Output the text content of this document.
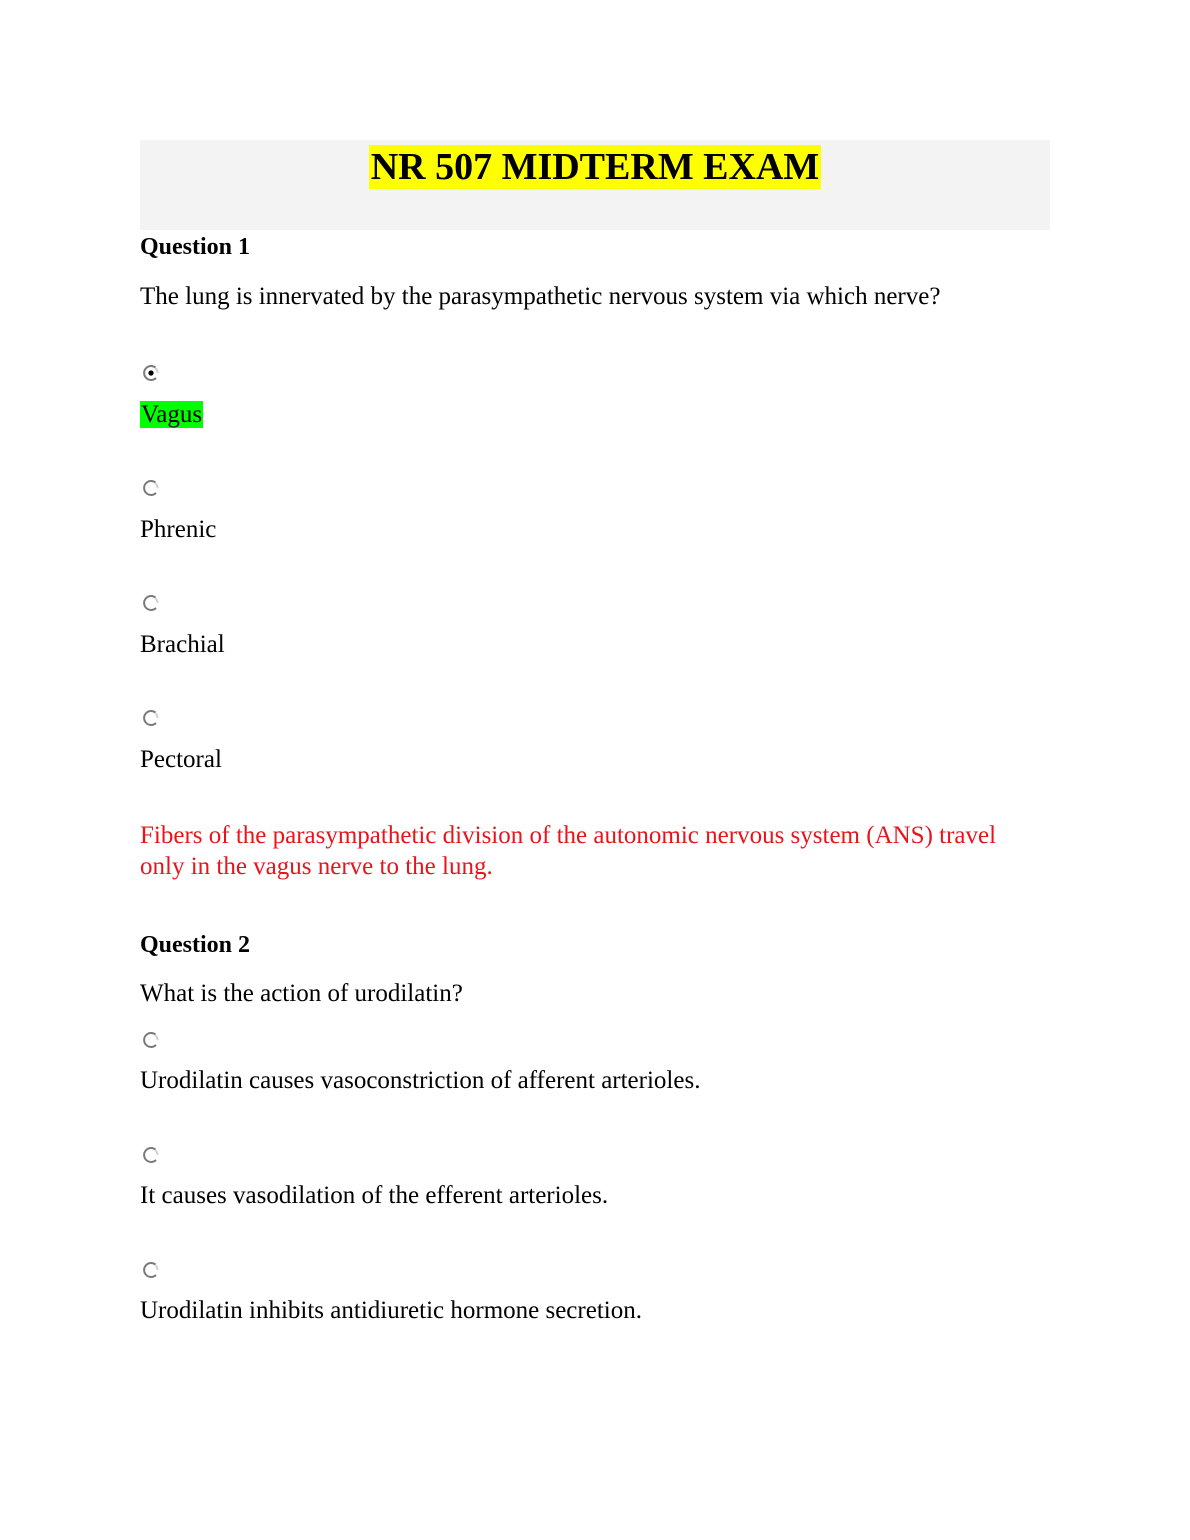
NR 507 MIDTERM EXAM
Question 1
The lung is innervated by the parasympathetic nervous system via which nerve?
Vagus
Phrenic
Brachial
Pectoral
Fibers of the parasympathetic division of the autonomic nervous system (ANS) travel only in the vagus nerve to the lung.
Question 2
What is the action of urodilatin?
Urodilatin causes vasoconstriction of afferent arterioles.
It causes vasodilation of the efferent arterioles.
Urodilatin inhibits antidiuretic hormone secretion.
